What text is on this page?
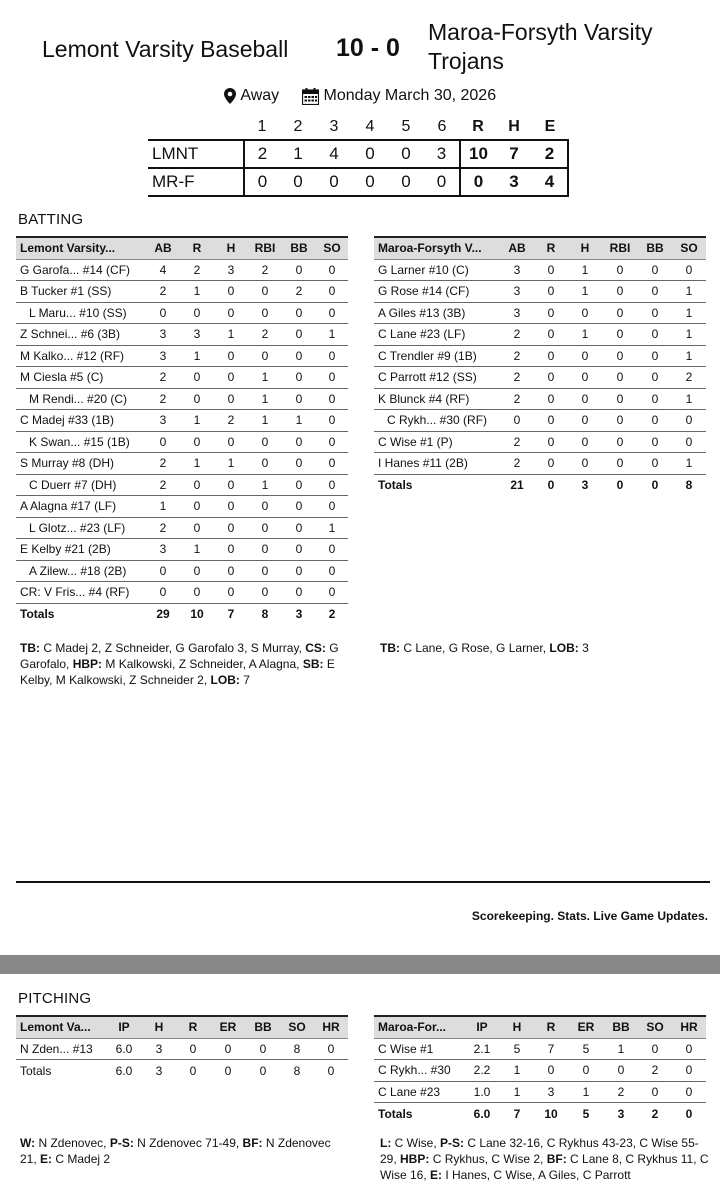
Lemont Varsity Baseball 10 - 0
Maroa-Forsyth Varsity Trojans
Away	Monday March 30, 2026
	1	2	3	4	5	6	R	H	E
LMNT	2	1	4	0	0	3	10	7	2
MR-F	0	0	0	0	0	0	0	3	4
BATTING
Lemont Varsity...	AB	R	H	RBI	BB	SO
G Garofa... #14 (CF)	4	2	3	2	0	0
B Tucker #1 (SS)	2	1	0	0	2	0
L Maru... #10 (SS)	0	0	0	0	0	0
Z Schnei... #6 (3B)	3	3	1	2	0	1
M Kalko... #12 (RF)	3	1	0	0	0	0
M Ciesla #5 (C)	2	0	0	1	0	0
M Rendi... #20 (C)	2	0	0	1	0	0
C Madej #33 (1B)	3	1	2	1	1	0
K Swan... #15 (1B)	0	0	0	0	0	0
S Murray #8 (DH)	2	1	1	0	0	0
C Duerr #7 (DH)	2	0	0	1	0	0
A Alagna #17 (LF)	1	0	0	0	0	0
L Glotz... #23 (LF)	2	0	0	0	0	1
E Kelby #21 (2B)	3	1	0	0	0	0
A Zilew... #18 (2B)	0	0	0	0	0	0
CR: V Fris... #4 (RF)	0	0	0	0	0	0
Totals	29	10	7	8	3	2
Maroa-Forsyth V...	AB	R	H	RBI	BB	SO
G Larner #10 (C)	3	0	1	0	0	0
G Rose #14 (CF)	3	0	1	0	0	1
A Giles #13 (3B)	3	0	0	0	0	1
C Lane #23 (LF)	2	0	1	0	0	1
C Trendler #9 (1B)	2	0	0	0	0	1
C Parrott #12 (SS)	2	0	0	0	0	2
K Blunck #4 (RF)	2	0	0	0	0	1
C Rykh... #30 (RF)	0	0	0	0	0	0
C Wise #1 (P)	2	0	0	0	0	0
I Hanes #11 (2B)	2	0	0	0	0	1
Totals	21	0	3	0	0	8
TB: C Madej 2, Z Schneider, G Garofalo 3, S Murray, CS: G Garofalo, HBP: M Kalkowski, Z Schneider, A Alagna, SB: E Kelby, M Kalkowski, Z Schneider 2, LOB: 7
TB: C Lane, G Rose, G Larner, LOB: 3
Scorekeeping. Stats. Live Game Updates.
PITCHING
Lemont Va...	IP	H	R	ER	BB	SO	HR
N Zden... #13	6.0	3	0	0	0	8	0
Totals	6.0	3	0	0	0	8	0
Maroa-For...	IP	H	R	ER	BB	SO	HR
C Wise #1	2.1	5	7	5	1	0	0
C Rykh... #30	2.2	1	0	0	0	2	0
C Lane #23	1.0	1	3	1	2	0	0
Totals	6.0	7	10	5	3	2	0
W: N Zdenovec, P-S: N Zdenovec 71-49, BF: N Zdenovec 21, E: C Madej 2
L: C Wise, P-S: C Lane 32-16, C Rykhus 43-23, C Wise 55-29, HBP: C Rykhus, C Wise 2, BF: C Lane 8, C Rykhus 11, C Wise 16, E: I Hanes, C Wise, A Giles, C Parrott
